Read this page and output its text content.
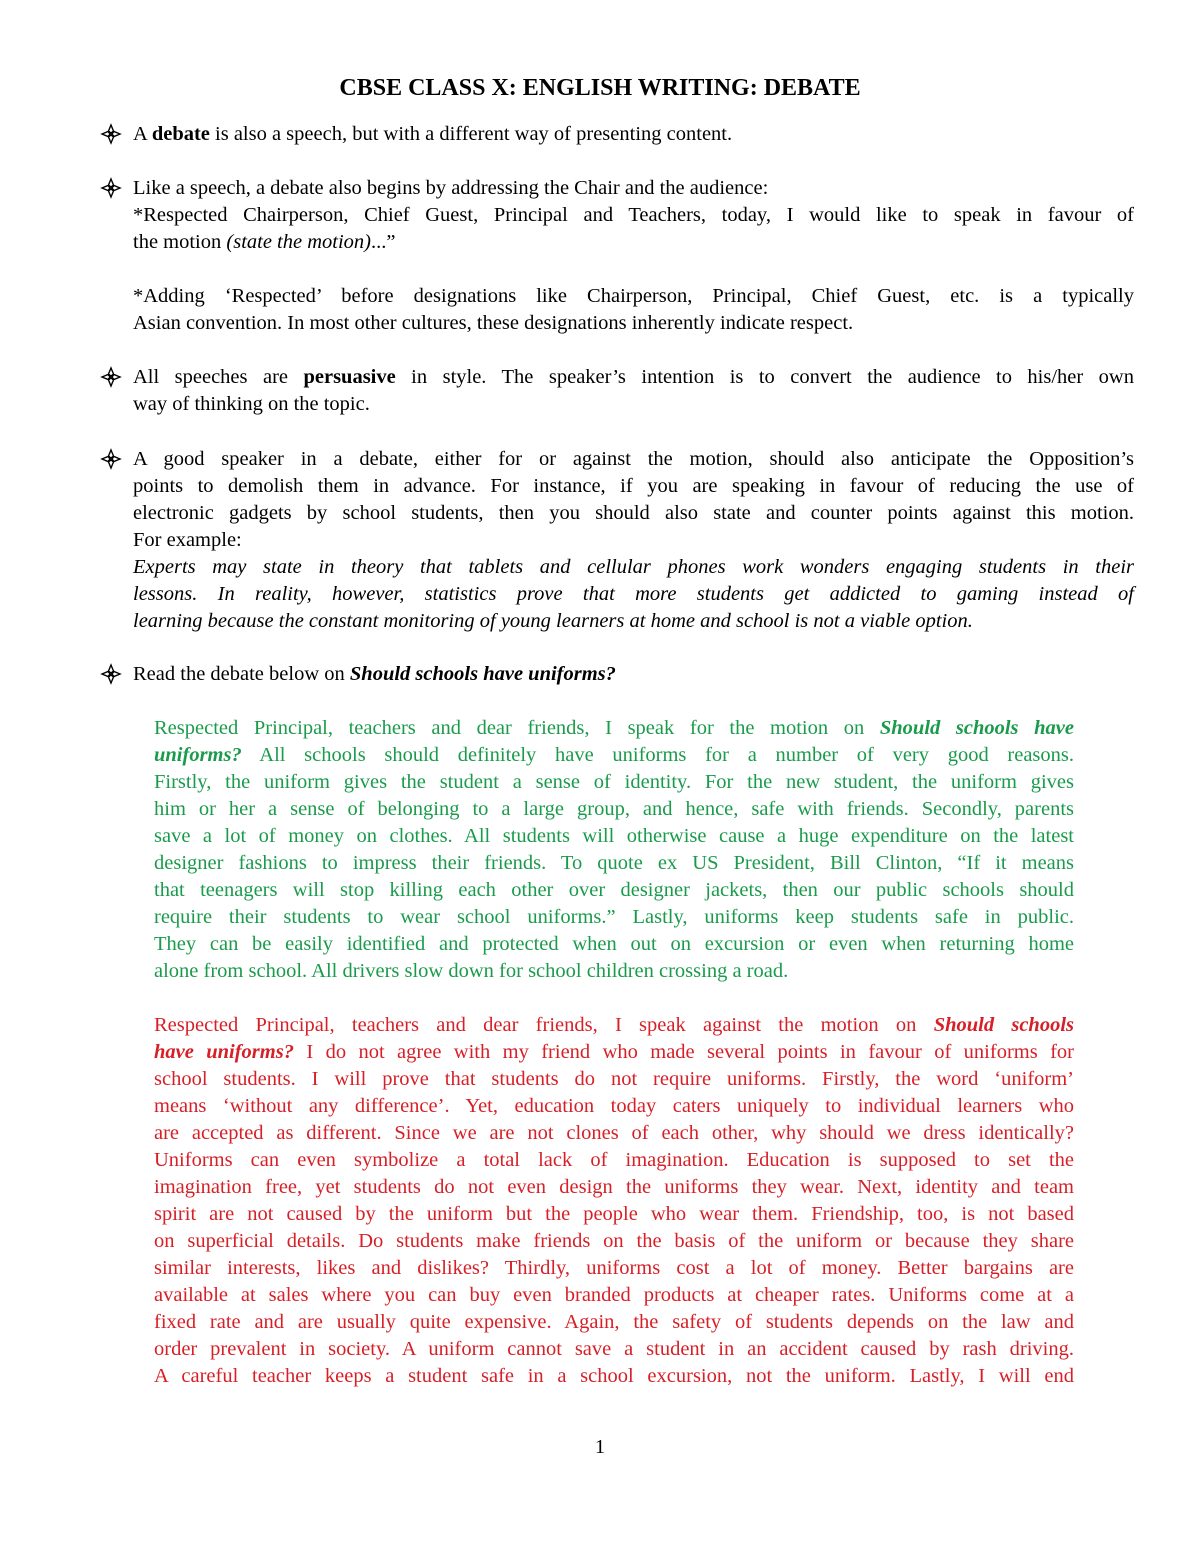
CBSE CLASS X: ENGLISH WRITING: DEBATE
A debate is also a speech, but with a different way of presenting content.
Like a speech, a debate also begins by addressing the Chair and the audience:
*Respected Chairperson, Chief Guest, Principal and Teachers, today, I would like to speak in favour of
the motion (state the motion)...”
*Adding ‘Respected’ before designations like Chairperson, Principal, Chief Guest, etc. is a typically
Asian convention. In most other cultures, these designations inherently indicate respect.
All speeches are persuasive in style. The speaker’s intention is to convert the audience to his/her own
way of thinking on the topic.
A good speaker in a debate, either for or against the motion, should also anticipate the Opposition’s
points to demolish them in advance. For instance, if you are speaking in favour of reducing the use of
electronic gadgets by school students, then you should also state and counter points against this motion.
For example:
Experts may state in theory that tablets and cellular phones work wonders engaging students in their
lessons. In reality, however, statistics prove that more students get addicted to gaming instead of
learning because the constant monitoring of young learners at home and school is not a viable option.
Read the debate below on Should schools have uniforms?
Respected Principal, teachers and dear friends, I speak for the motion on Should schools have
uniforms? All schools should definitely have uniforms for a number of very good reasons.
Firstly, the uniform gives the student a sense of identity. For the new student, the uniform gives
him or her a sense of belonging to a large group, and hence, safe with friends. Secondly, parents
save a lot of money on clothes. All students will otherwise cause a huge expenditure on the latest
designer fashions to impress their friends. To quote ex US President, Bill Clinton, “If it means
that teenagers will stop killing each other over designer jackets, then our public schools should
require their students to wear school uniforms.” Lastly, uniforms keep students safe in public.
They can be easily identified and protected when out on excursion or even when returning home
alone from school. All drivers slow down for school children crossing a road.
Respected Principal, teachers and dear friends, I speak against the motion on Should schools
have uniforms? I do not agree with my friend who made several points in favour of uniforms for
school students. I will prove that students do not require uniforms. Firstly, the word ‘uniform’
means ‘without any difference’. Yet, education today caters uniquely to individual learners who
are accepted as different. Since we are not clones of each other, why should we dress identically?
Uniforms can even symbolize a total lack of imagination. Education is supposed to set the
imagination free, yet students do not even design the uniforms they wear. Next, identity and team
spirit are not caused by the uniform but the people who wear them. Friendship, too, is not based
on superficial details. Do students make friends on the basis of the uniform or because they share
similar interests, likes and dislikes? Thirdly, uniforms cost a lot of money. Better bargains are
available at sales where you can buy even branded products at cheaper rates. Uniforms come at a
fixed rate and are usually quite expensive. Again, the safety of students depends on the law and
order prevalent in society. A uniform cannot save a student in an accident caused by rash driving.
A careful teacher keeps a student safe in a school excursion, not the uniform. Lastly, I will end
1
